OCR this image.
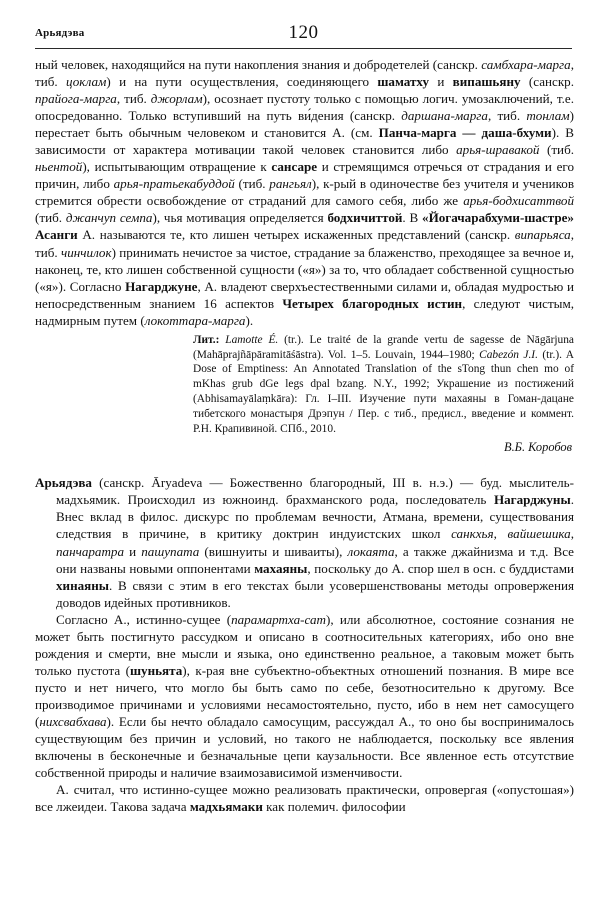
120
Арьядэва

ный человек, находящийся на пути накопления знания и добродетелей (санскр. самбхара-марга, тиб. цоклам) и на пути осуществления, соединяющего шаматху и випашьяну (санскр. прайога-марга, тиб. джорлам), осознает пустоту только с помощью логич. умозаключений, т.е. опосредованно. Только вступивший на путь ви́дения (санскр. даршана-марга, тиб. тонлам) перестает быть обычным человеком и становится А. (см. Панча-марга — даша-бхуми). В зависимости от характера мотивации такой человек становится либо арья-шравакой (тиб. ньентой), испытывающим отвращение к сансаре и стремящимся отречься от страдания и его причин, либо арья-пратьекабуддой (тиб. рангьял), к-рый в одиночестве без учителя и учеников стремится обрести освобождение от страданий для самого себя, либо же арья-бодхисаттвой (тиб. джанчуп семпа), чья мотивация определяется бодхичиттой. В «Йогачарабхуми-шастре» Асанги А. называются те, кто лишен четырех искаженных представлений (санскр. випарьяса, тиб. чинчилок) принимать нечистое за чистое, страдание за блаженство, преходящее за вечное и, наконец, те, кто лишен собственной сущности («я») за то, что обладает собственной сущностью («я»). Согласно Нагарджуне, А. владеют сверхъестественными силами и, обладая мудростью и непосредственным знанием 16 аспектов Четырех благородных истин, следуют чистым, надмирным путем (локоттара-марга).

Лит.: Lamotte É. (tr.). Le traité de la grande vertu de sagesse de Nāgārjuna (Mahāprajñāpāramitāśāstra). Vol. 1–5. Louvain, 1944–1980; Cabezón J.I. (tr.). A Dose of Emptiness: An Annotated Translation of the sTong thun chen mo of mKhas grub dGe legs dpal bzang. N.Y., 1992; Украшение из постижений (Abhisamayālaṃkāra): Гл. I–III. Изучение пути махаяны в Гоман-дацане тибетского монастыря Дрэпун / Пер. с тиб., предисл., введение и коммент. Р.Н. Крапивиной. СПб., 2010.

В.Б. Коробов

Арьядэва (санскр. Āryadeva — Божественно благородный, III в. н.э.) — буд. мыслитель-мадхьямик. Происходил из южноинд. брахманского рода, последователь Нагарджуны. Внес вклад в филос. дискурс по проблемам вечности, Атмана, времени, существования следствия в причине, в критику доктрин индуистских школ санкхья, вайшешика, панчаратра и пашупата (вишнуиты и шиваиты), локаята, а также джайнизма и т.д. Все они названы новыми оппонентами махаяны, поскольку до А. спор шел в осн. с буддистами хинаяны. В связи с этим в его текстах были усовершенствованы методы опровержения доводов идейных противников.

Согласно А., истинно-сущее (парамартха-сат), или абсолютное, состояние сознания не может быть постигнуто рассудком и описано в соотносительных категориях, ибо оно вне рождения и смерти, вне мысли и языка, оно единственно реальное, а таковым может быть только пустота (шуньята), к-рая вне субъектно-объектных отношений познания. В мире все пусто и нет ничего, что могло бы быть само по себе, безотносительно к другому. Все производимое причинами и условиями несамостоятельно, пусто, ибо в нем нет самосущего (нихсвабхава). Если бы нечто обладало самосущим, рассуждал А., то оно бы воспринималось существующим без причин и условий, но такого не наблюдается, поскольку все явления включены в бесконечные и безначальные цепи каузальности. Все явленное есть отсутствие собственной природы и наличие взаимозависимой изменчивости.

А. считал, что истинно-сущее можно реализовать практически, опровергая («опустошая») все лжеидеи. Такова задача мадхьямаки как полемич. философии
